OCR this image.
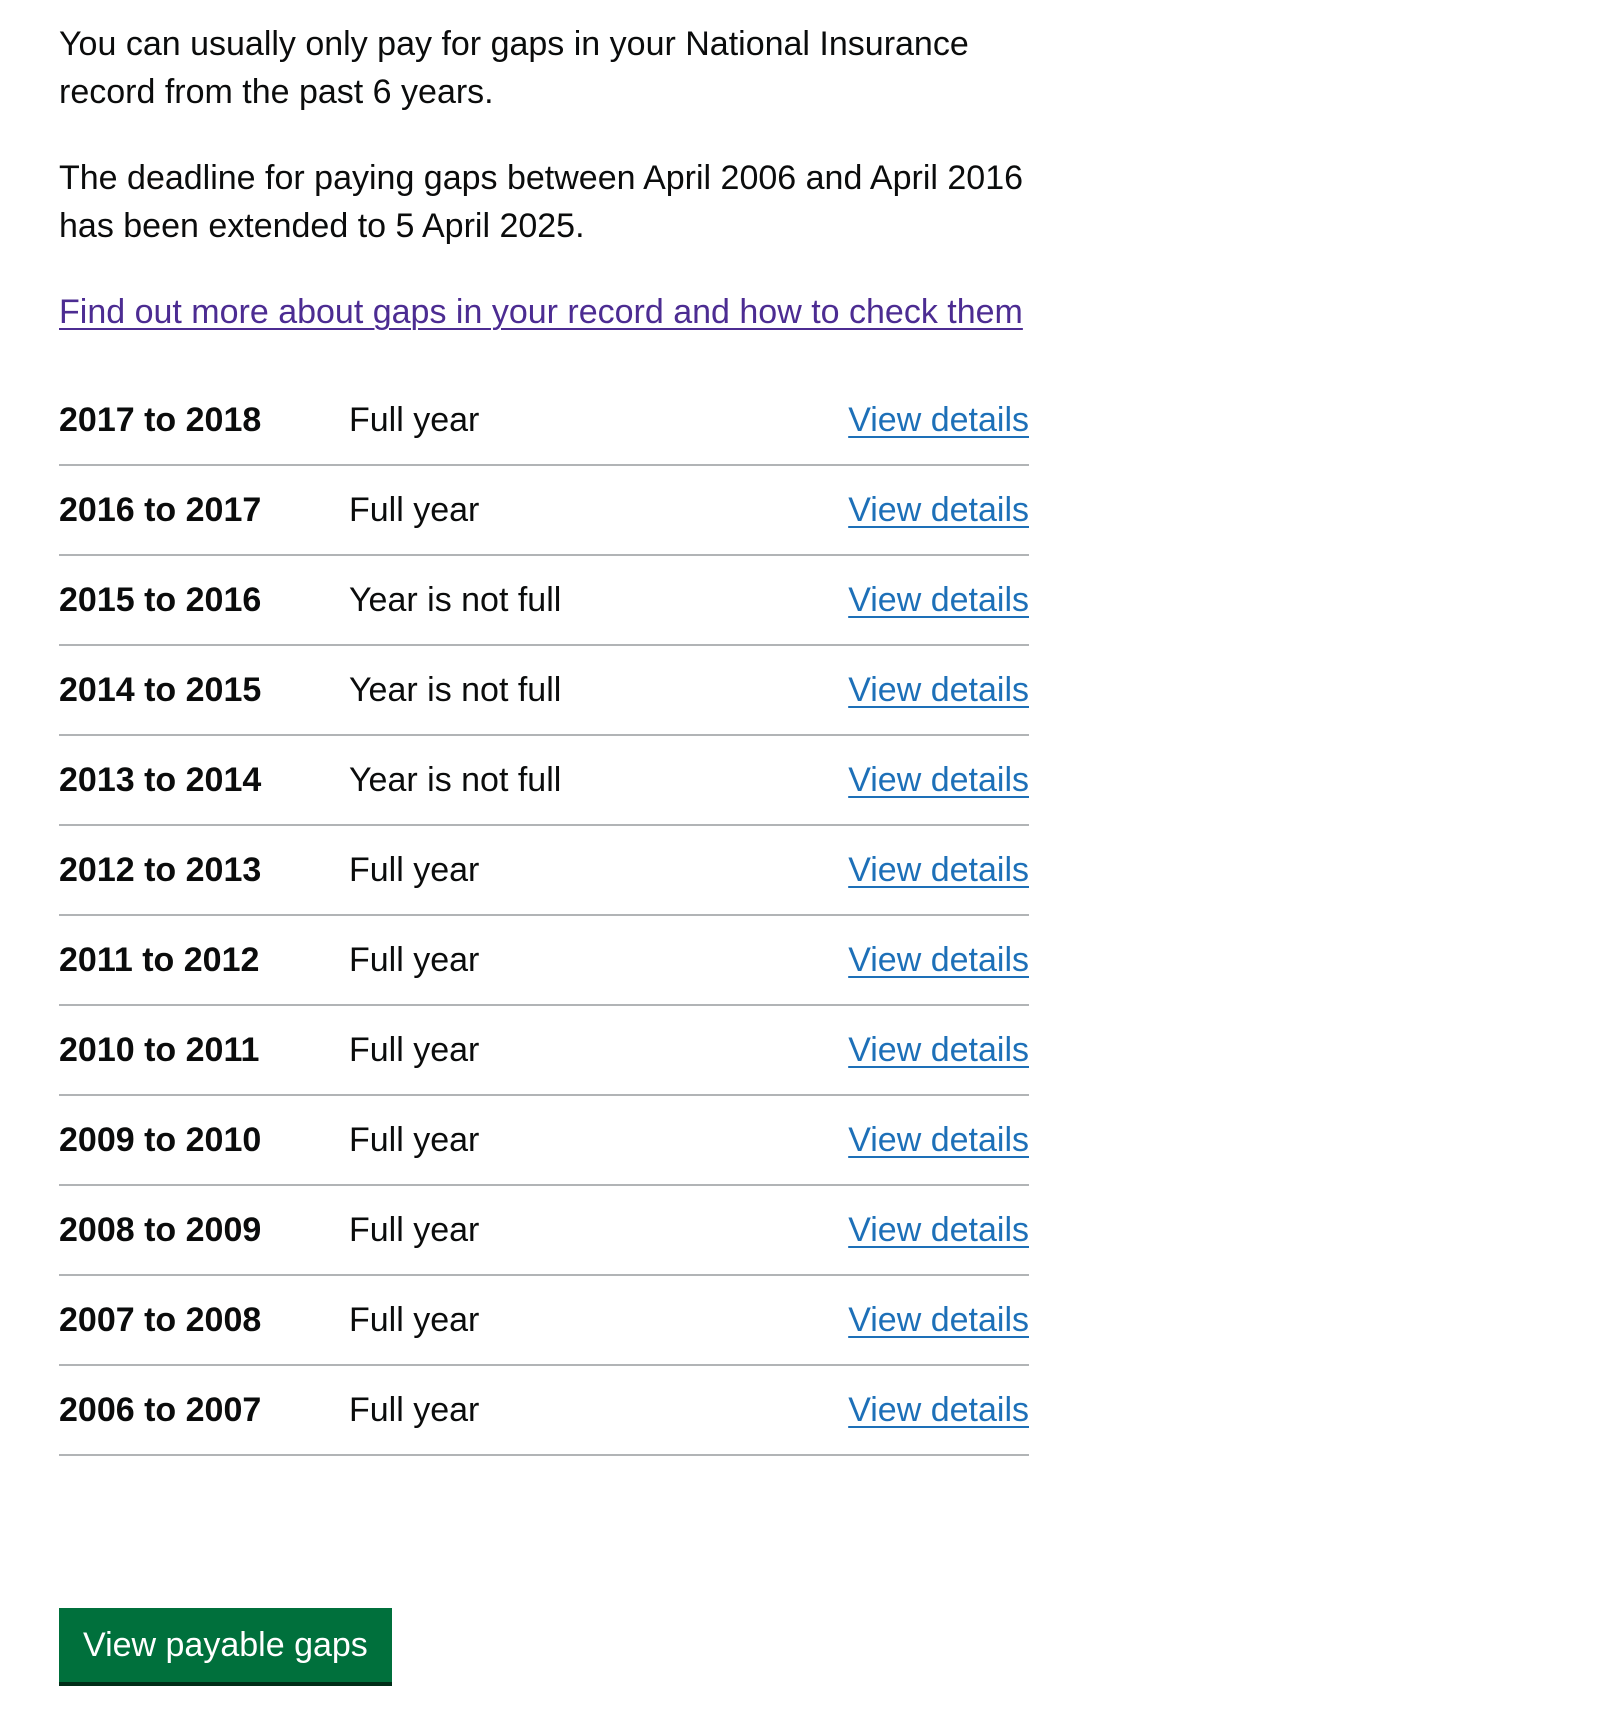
You can usually only pay for gaps in your National Insurance record from the past 6 years.

The deadline for paying gaps between April 2006 and April 2016 has been extended to 5 April 2025.

Find out more about gaps in your record and how to check them

2017 to 2018	Full year	View details
2016 to 2017	Full year	View details
2015 to 2016	Year is not full	View details
2014 to 2015	Year is not full	View details
2013 to 2014	Year is not full	View details
2012 to 2013	Full year	View details
2011 to 2012	Full year	View details
2010 to 2011	Full year	View details
2009 to 2010	Full year	View details
2008 to 2009	Full year	View details
2007 to 2008	Full year	View details
2006 to 2007	Full year	View details
View payable gaps
